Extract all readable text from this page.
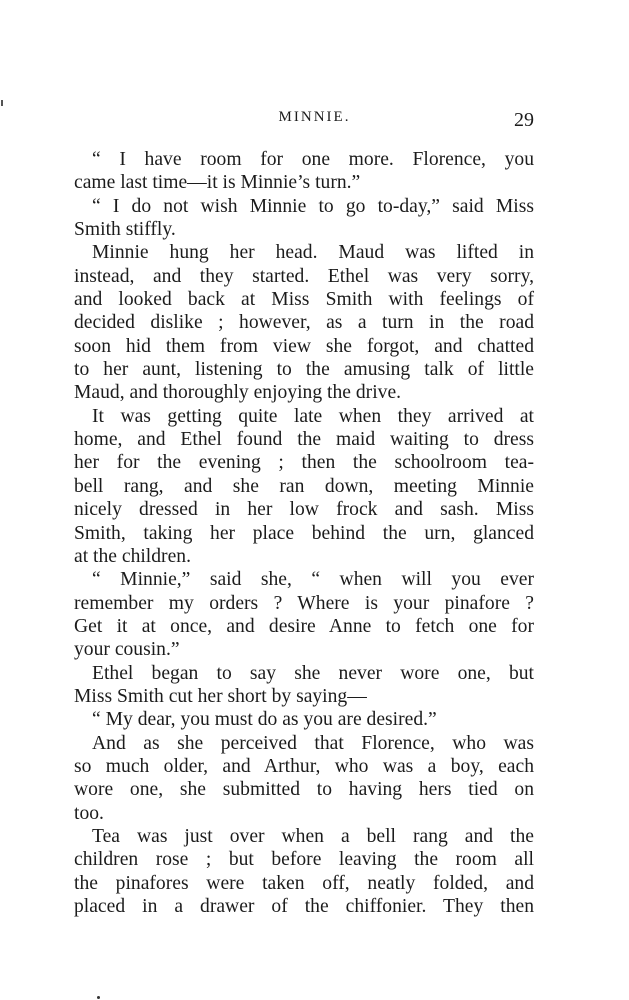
MINNIE.	29
“ I have room for one more. Florence, you
came last time—it is Minnie’s turn.”
“ I do not wish Minnie to go to-day,” said Miss
Smith stiffly.
Minnie hung her head. Maud was lifted in
instead, and they started. Ethel was very sorry,
and looked back at Miss Smith with feelings of
decided dislike ; however, as a turn in the road
soon hid them from view she forgot, and chatted
to her aunt, listening to the amusing talk of little
Maud, and thoroughly enjoying the drive.
It was getting quite late when they arrived at
home, and Ethel found the maid waiting to dress
her for the evening ; then the schoolroom tea-
bell rang, and she ran down, meeting Minnie
nicely dressed in her low frock and sash. Miss
Smith, taking her place behind the urn, glanced
at the children.
“ Minnie,” said she, “ when will you ever
remember my orders ? Where is your pinafore ?
Get it at once, and desire Anne to fetch one for
your cousin.”
Ethel began to say she never wore one, but
Miss Smith cut her short by saying—
“ My dear, you must do as you are desired.”
And as she perceived that Florence, who was
so much older, and Arthur, who was a boy, each
wore one, she submitted to having hers tied on
too.
Tea was just over when a bell rang and the
children rose ; but before leaving the room all
the pinafores were taken off, neatly folded, and
placed in a drawer of the chiffonier. They then
